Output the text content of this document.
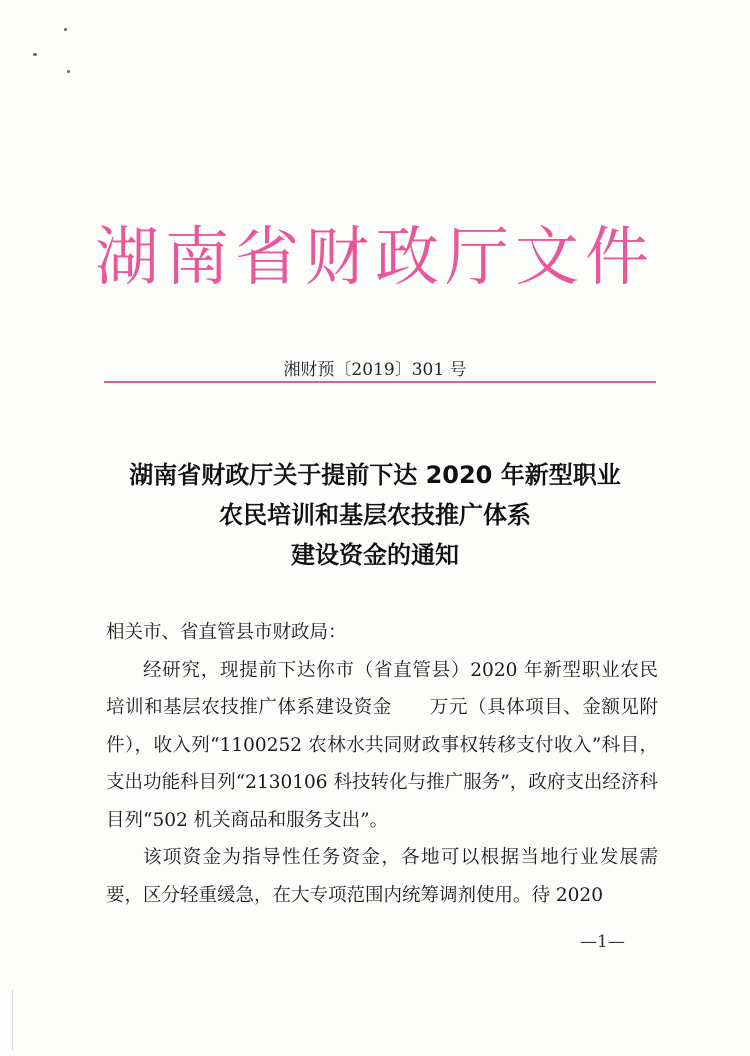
湖南省财政厅文件
湘财预〔2019〕301 号
湖南省财政厅关于提前下达 2020 年新型职业
农民培训和基层农技推广体系
建设资金的通知

相关市、省直管县市财政局：

经研究，现提前下达你市（省直管县）2020 年新型职业农民培训和基层农技推广体系建设资金　　万元（具体项目、金额见附件），收入列“1100252 农林水共同财政事权转移支付收入”科目，支出功能科目列“2130106 科技转化与推广服务”，政府支出经济科目列“502 机关商品和服务支出”。

该项资金为指导性任务资金，各地可以根据当地行业发展需要，区分轻重缓急，在大专项范围内统筹调剂使用。待 2020

—1—
